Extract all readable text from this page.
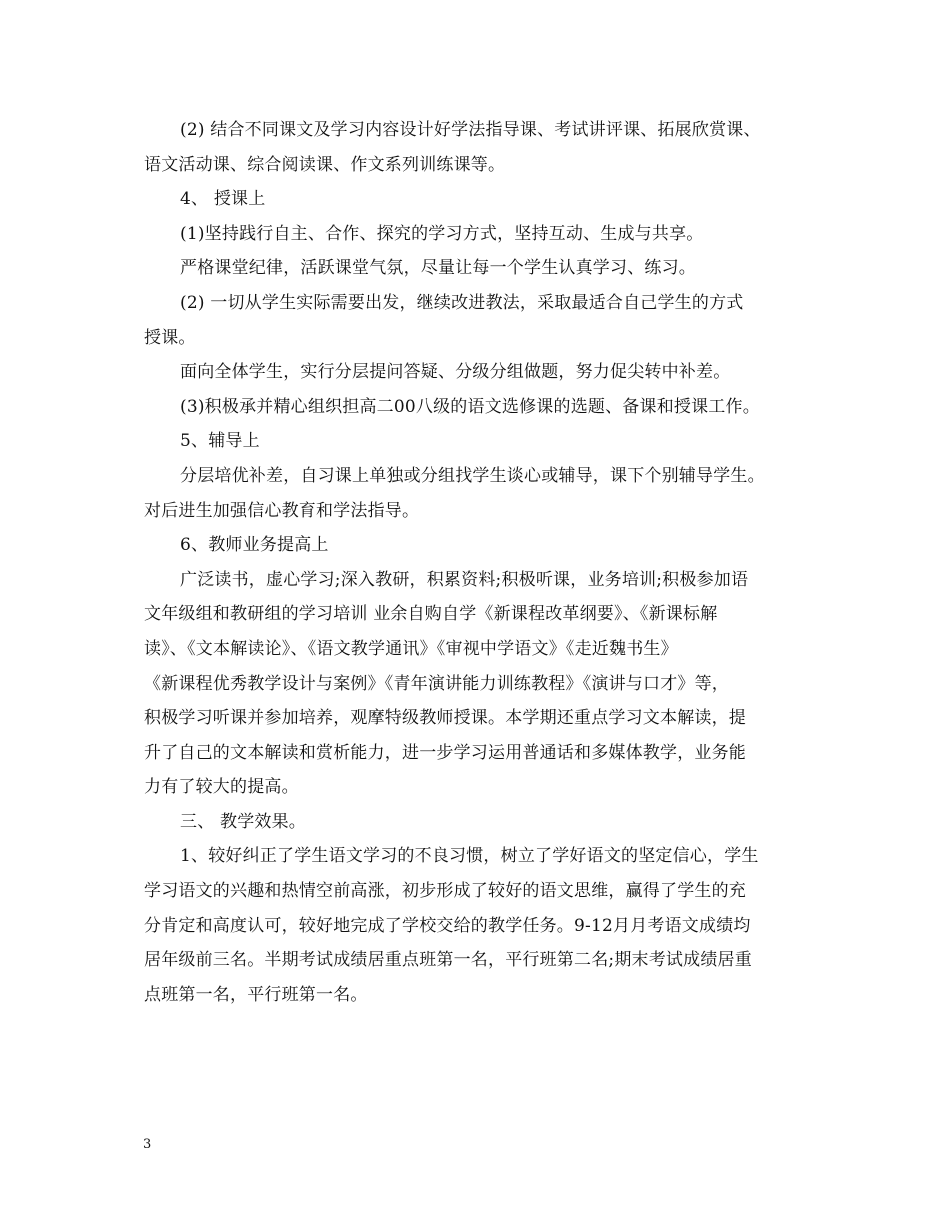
(2) 结合不同课文及学习内容设计好学法指导课、考试讲评课、拓展欣赏课、
语文活动课、综合阅读课、作文系列训练课等。
4、 授课上
(1)坚持践行自主、合作、探究的学习方式，坚持互动、生成与共享。
严格课堂纪律，活跃课堂气氛，尽量让每一个学生认真学习、练习。
(2) 一切从学生实际需要出发，继续改进教法，采取最适合自己学生的方式
授课。
面向全体学生，实行分层提问答疑、分级分组做题，努力促尖转中补差。
(3)积极承并精心组织担高二00八级的语文选修课的选题、备课和授课工作。
5、辅导上
分层培优补差，自习课上单独或分组找学生谈心或辅导，课下个别辅导学生。
对后进生加强信心教育和学法指导。
6、教师业务提高上
广泛读书，虚心学习;深入教研，积累资料;积极听课，业务培训;积极参加语
文年级组和教研组的学习培训 业余自购自学《新课程改革纲要》、《新课标解
读》、《文本解读论》、《语文教学通讯》《审视中学语文》《走近魏书生》
《新课程优秀教学设计与案例》《青年演讲能力训练教程》《演讲与口才》等，
积极学习听课并参加培养，观摩特级教师授课。本学期还重点学习文本解读，提
升了自己的文本解读和赏析能力，进一步学习运用普通话和多媒体教学，业务能
力有了较大的提高。
三、 教学效果。
1、较好纠正了学生语文学习的不良习惯，树立了学好语文的坚定信心，学生
学习语文的兴趣和热情空前高涨，初步形成了较好的语文思维，赢得了学生的充
分肯定和高度认可，较好地完成了学校交给的教学任务。9-12月月考语文成绩均
居年级前三名。半期考试成绩居重点班第一名，平行班第二名;期末考试成绩居重
点班第一名，平行班第一名。
3
